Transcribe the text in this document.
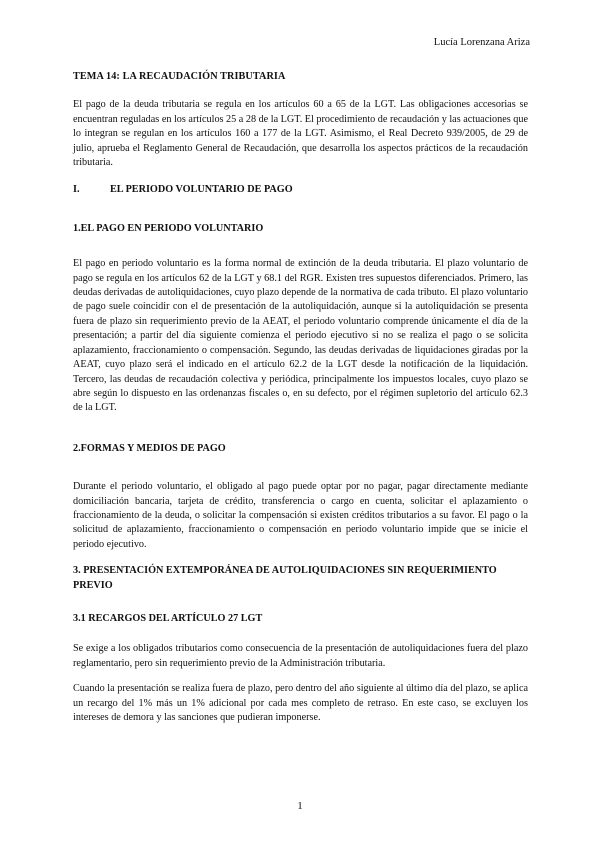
Lucía Lorenzana Ariza
TEMA 14: LA RECAUDACIÓN TRIBUTARIA

El pago de la deuda tributaria se regula en los artículos 60 a 65 de la LGT. Las obligaciones accesorias se encuentran reguladas en los artículos 25 a 28 de la LGT. El procedimiento de recaudación y las actuaciones que lo integran se regulan en los artículos 160 a 177 de la LGT. Asimismo, el Real Decreto 939/2005, de 29 de julio, aprueba el Reglamento General de Recaudación, que desarrolla los aspectos prácticos de la recaudación tributaria.

I.	EL PERIODO VOLUNTARIO DE PAGO
1.EL PAGO EN PERIODO VOLUNTARIO

El pago en periodo voluntario es la forma normal de extinción de la deuda tributaria. El plazo voluntario de pago se regula en los artículos 62 de la LGT y 68.1 del RGR. Existen tres supuestos diferenciados. Primero, las deudas derivadas de autoliquidaciones, cuyo plazo depende de la normativa de cada tributo. El plazo voluntario de pago suele coincidir con el de presentación de la autoliquidación, aunque si la autoliquidación se presenta fuera de plazo sin requerimiento previo de la AEAT, el periodo voluntario comprende únicamente el día de la presentación; a partir del día siguiente comienza el periodo ejecutivo si no se realiza el pago o se solicita aplazamiento, fraccionamiento o compensación. Segundo, las deudas derivadas de liquidaciones giradas por la AEAT, cuyo plazo será el indicado en el artículo 62.2 de la LGT desde la notificación de la liquidación. Tercero, las deudas de recaudación colectiva y periódica, principalmente los impuestos locales, cuyo plazo se abre según lo dispuesto en las ordenanzas fiscales o, en su defecto, por el régimen supletorio del artículo 62.3 de la LGT.

2.FORMAS Y MEDIOS DE PAGO

Durante el periodo voluntario, el obligado al pago puede optar por no pagar, pagar directamente mediante domiciliación bancaria, tarjeta de crédito, transferencia o cargo en cuenta, solicitar el aplazamiento o fraccionamiento de la deuda, o solicitar la compensación si existen créditos tributarios a su favor. El pago o la solicitud de aplazamiento, fraccionamiento o compensación en periodo voluntario impide que se inicie el periodo ejecutivo.

3. PRESENTACIÓN EXTEMPORÁNEA DE AUTOLIQUIDACIONES SIN REQUERIMIENTO PREVIO
3.1 RECARGOS DEL ARTÍCULO 27 LGT

Se exige a los obligados tributarios como consecuencia de la presentación de autoliquidaciones fuera del plazo reglamentario, pero sin requerimiento previo de la Administración tributaria.

Cuando la presentación se realiza fuera de plazo, pero dentro del año siguiente al último día del plazo, se aplica un recargo del 1% más un 1% adicional por cada mes completo de retraso. En este caso, se excluyen los intereses de demora y las sanciones que pudieran imponerse.

1
